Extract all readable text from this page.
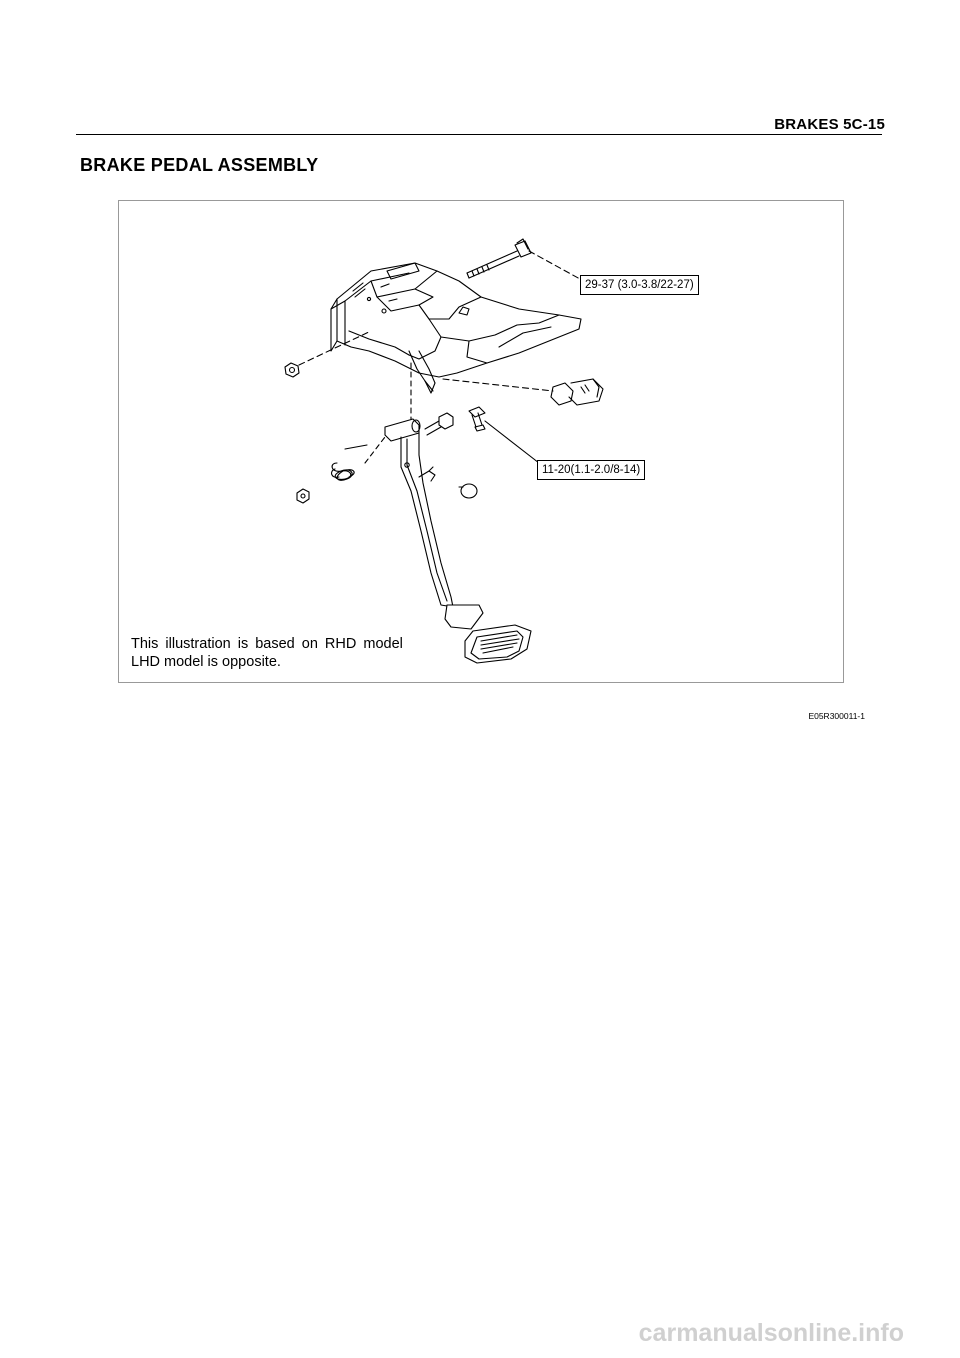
BRAKES 5C-15
BRAKE PEDAL ASSEMBLY
29-37 (3.0-3.8/22-27)
11-20(1.1-2.0/8-14)
This illustration is based on RHD model
LHD model is opposite.
E05R300011-1
carmanualsonline.info
